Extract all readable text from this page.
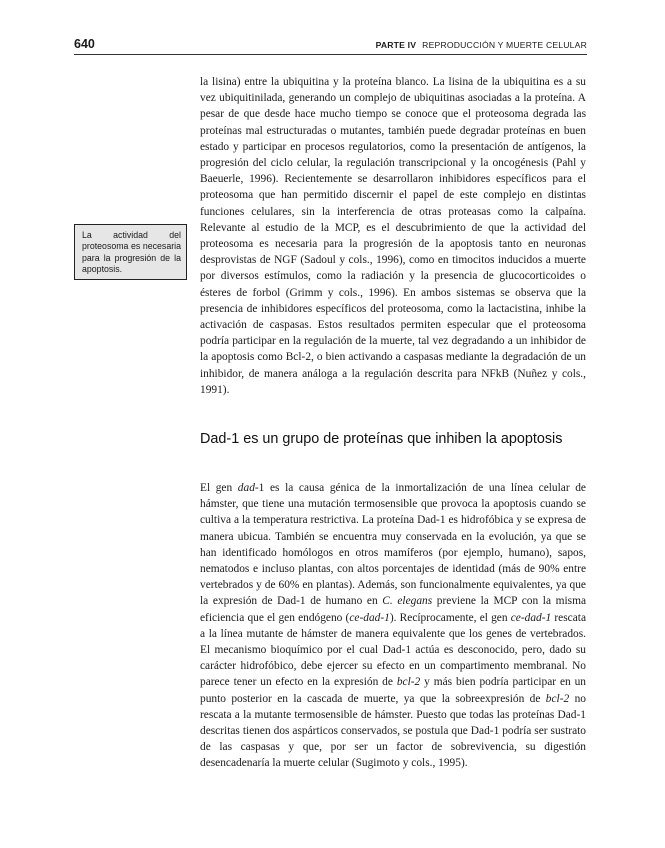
640	PARTE IV REPRODUCCIÓN Y MUERTE CELULAR
La actividad del proteosoma es necesaria para la progresión de la apoptosis.

la lisina) entre la ubiquitina y la proteína blanco. La lisina de la ubiquitina es a su vez ubiquitinilada, generando un complejo de ubiquitinas asociadas a la proteína. A pesar de que desde hace mucho tiempo se conoce que el proteosoma degrada las proteínas mal estructuradas o mutantes, también puede degradar proteínas en buen estado y participar en procesos regulatorios, como la presentación de antígenos, la progresión del ciclo celular, la regulación transcripcional y la oncogénesis (Pahl y Baeuerle, 1996). Recientemente se desarrollaron inhibidores específicos para el proteosoma que han permitido discernir el papel de este complejo en distintas funciones celulares, sin la interferencia de otras proteasas como la calpaína. Relevante al estudio de la MCP, es el descubrimiento de que la actividad del proteosoma es necesaria para la progresión de la apoptosis tanto en neuronas desprovistas de NGF (Sadoul y cols., 1996), como en timocitos inducidos a muerte por diversos estímulos, como la radiación y la presencia de glucocorticoides o ésteres de forbol (Grimm y cols., 1996). En ambos sistemas se observa que la presencia de inhibidores específicos del proteosoma, como la lactacistina, inhibe la activación de caspasas. Estos resultados permiten especular que el proteosoma podría participar en la regulación de la muerte, tal vez degradando a un inhibidor de la apoptosis como Bcl-2, o bien activando a caspasas mediante la degradación de un inhibidor, de manera análoga a la regulación descrita para NFkB (Nuñez y cols., 1991).

Dad-1 es un grupo de proteínas que inhiben la apoptosis

El gen dad-1 es la causa génica de la inmortalización de una línea celular de hámster, que tiene una mutación termosensible que provoca la apoptosis cuando se cultiva a la temperatura restrictiva. La proteína Dad-1 es hidrofóbica y se expresa de manera ubicua. También se encuentra muy conservada en la evolución, ya que se han identificado homólogos en otros mamíferos (por ejemplo, humano), sapos, nematodos e incluso plantas, con altos porcentajes de identidad (más de 90% entre vertebrados y de 60% en plantas). Además, son funcionalmente equivalentes, ya que la expresión de Dad-1 de humano en C. elegans previene la MCP con la misma eficiencia que el gen endógeno (ce-dad-1). Recíprocamente, el gen ce-dad-1 rescata a la línea mutante de hámster de manera equivalente que los genes de vertebrados. El mecanismo bioquímico por el cual Dad-1 actúa es desconocido, pero, dado su carácter hidrofóbico, debe ejercer su efecto en un compartimento membranal. No parece tener un efecto en la expresión de bcl-2 y más bien podría participar en un punto posterior en la cascada de muerte, ya que la sobreexpresión de bcl-2 no rescata a la mutante termosensible de hámster. Puesto que todas las proteínas Dad-1 descritas tienen dos aspárticos conservados, se postula que Dad-1 podría ser sustrato de las caspasas y que, por ser un factor de sobrevivencia, su digestión desencadenaría la muerte celular (Sugimoto y cols., 1995).
